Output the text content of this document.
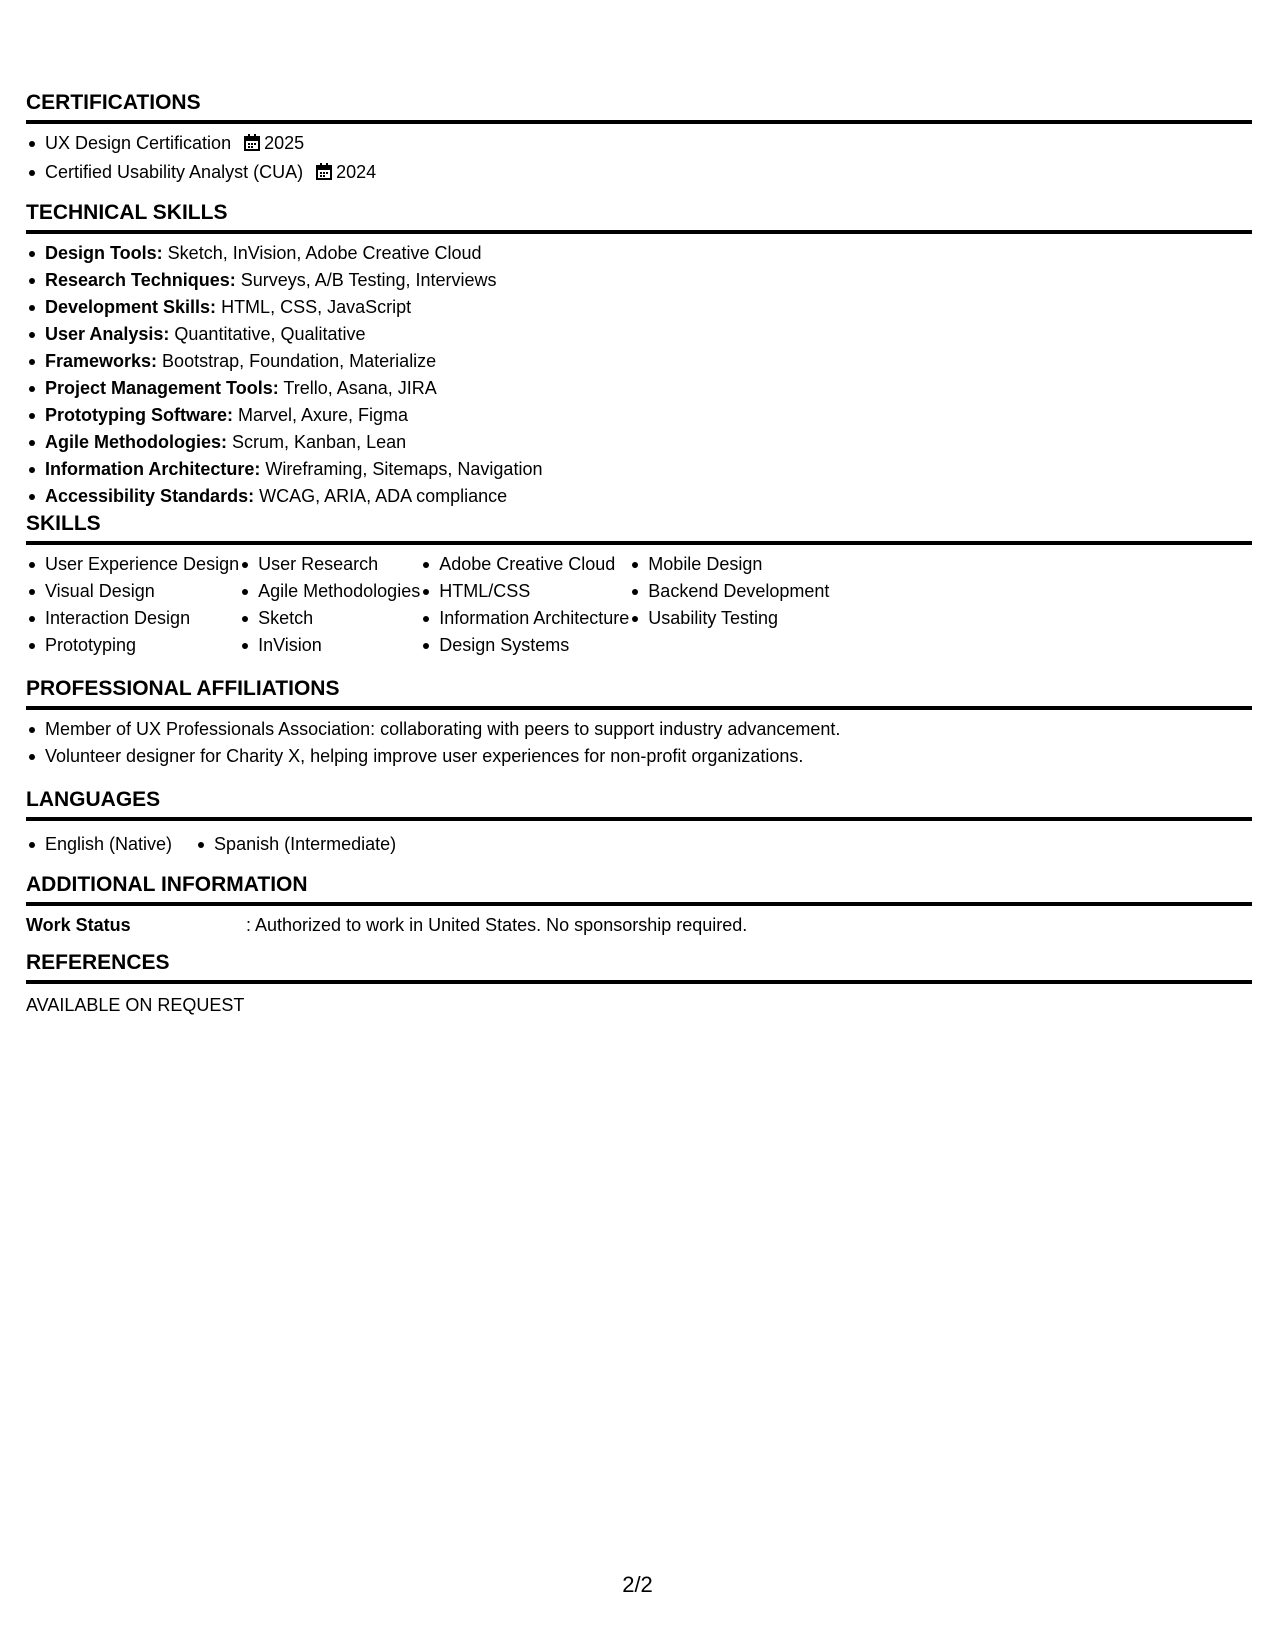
CERTIFICATIONS
UX Design Certification 2025
Certified Usability Analyst (CUA) 2024
TECHNICAL SKILLS
Design Tools: Sketch, InVision, Adobe Creative Cloud
Research Techniques: Surveys, A/B Testing, Interviews
Development Skills: HTML, CSS, JavaScript
User Analysis: Quantitative, Qualitative
Frameworks: Bootstrap, Foundation, Materialize
Project Management Tools: Trello, Asana, JIRA
Prototyping Software: Marvel, Axure, Figma
Agile Methodologies: Scrum, Kanban, Lean
Information Architecture: Wireframing, Sitemaps, Navigation
Accessibility Standards: WCAG, ARIA, ADA compliance
SKILLS
User Experience Design
Visual Design
Interaction Design
Prototyping
User Research
Agile Methodologies
Sketch
InVision
Adobe Creative Cloud
HTML/CSS
Information Architecture
Design Systems
Mobile Design
Backend Development
Usability Testing
PROFESSIONAL AFFILIATIONS
Member of UX Professionals Association: collaborating with peers to support industry advancement.
Volunteer designer for Charity X, helping improve user experiences for non-profit organizations.
LANGUAGES
English (Native)	Spanish (Intermediate)
ADDITIONAL INFORMATION
Work Status	: Authorized to work in United States. No sponsorship required.
REFERENCES
AVAILABLE ON REQUEST
2/2
